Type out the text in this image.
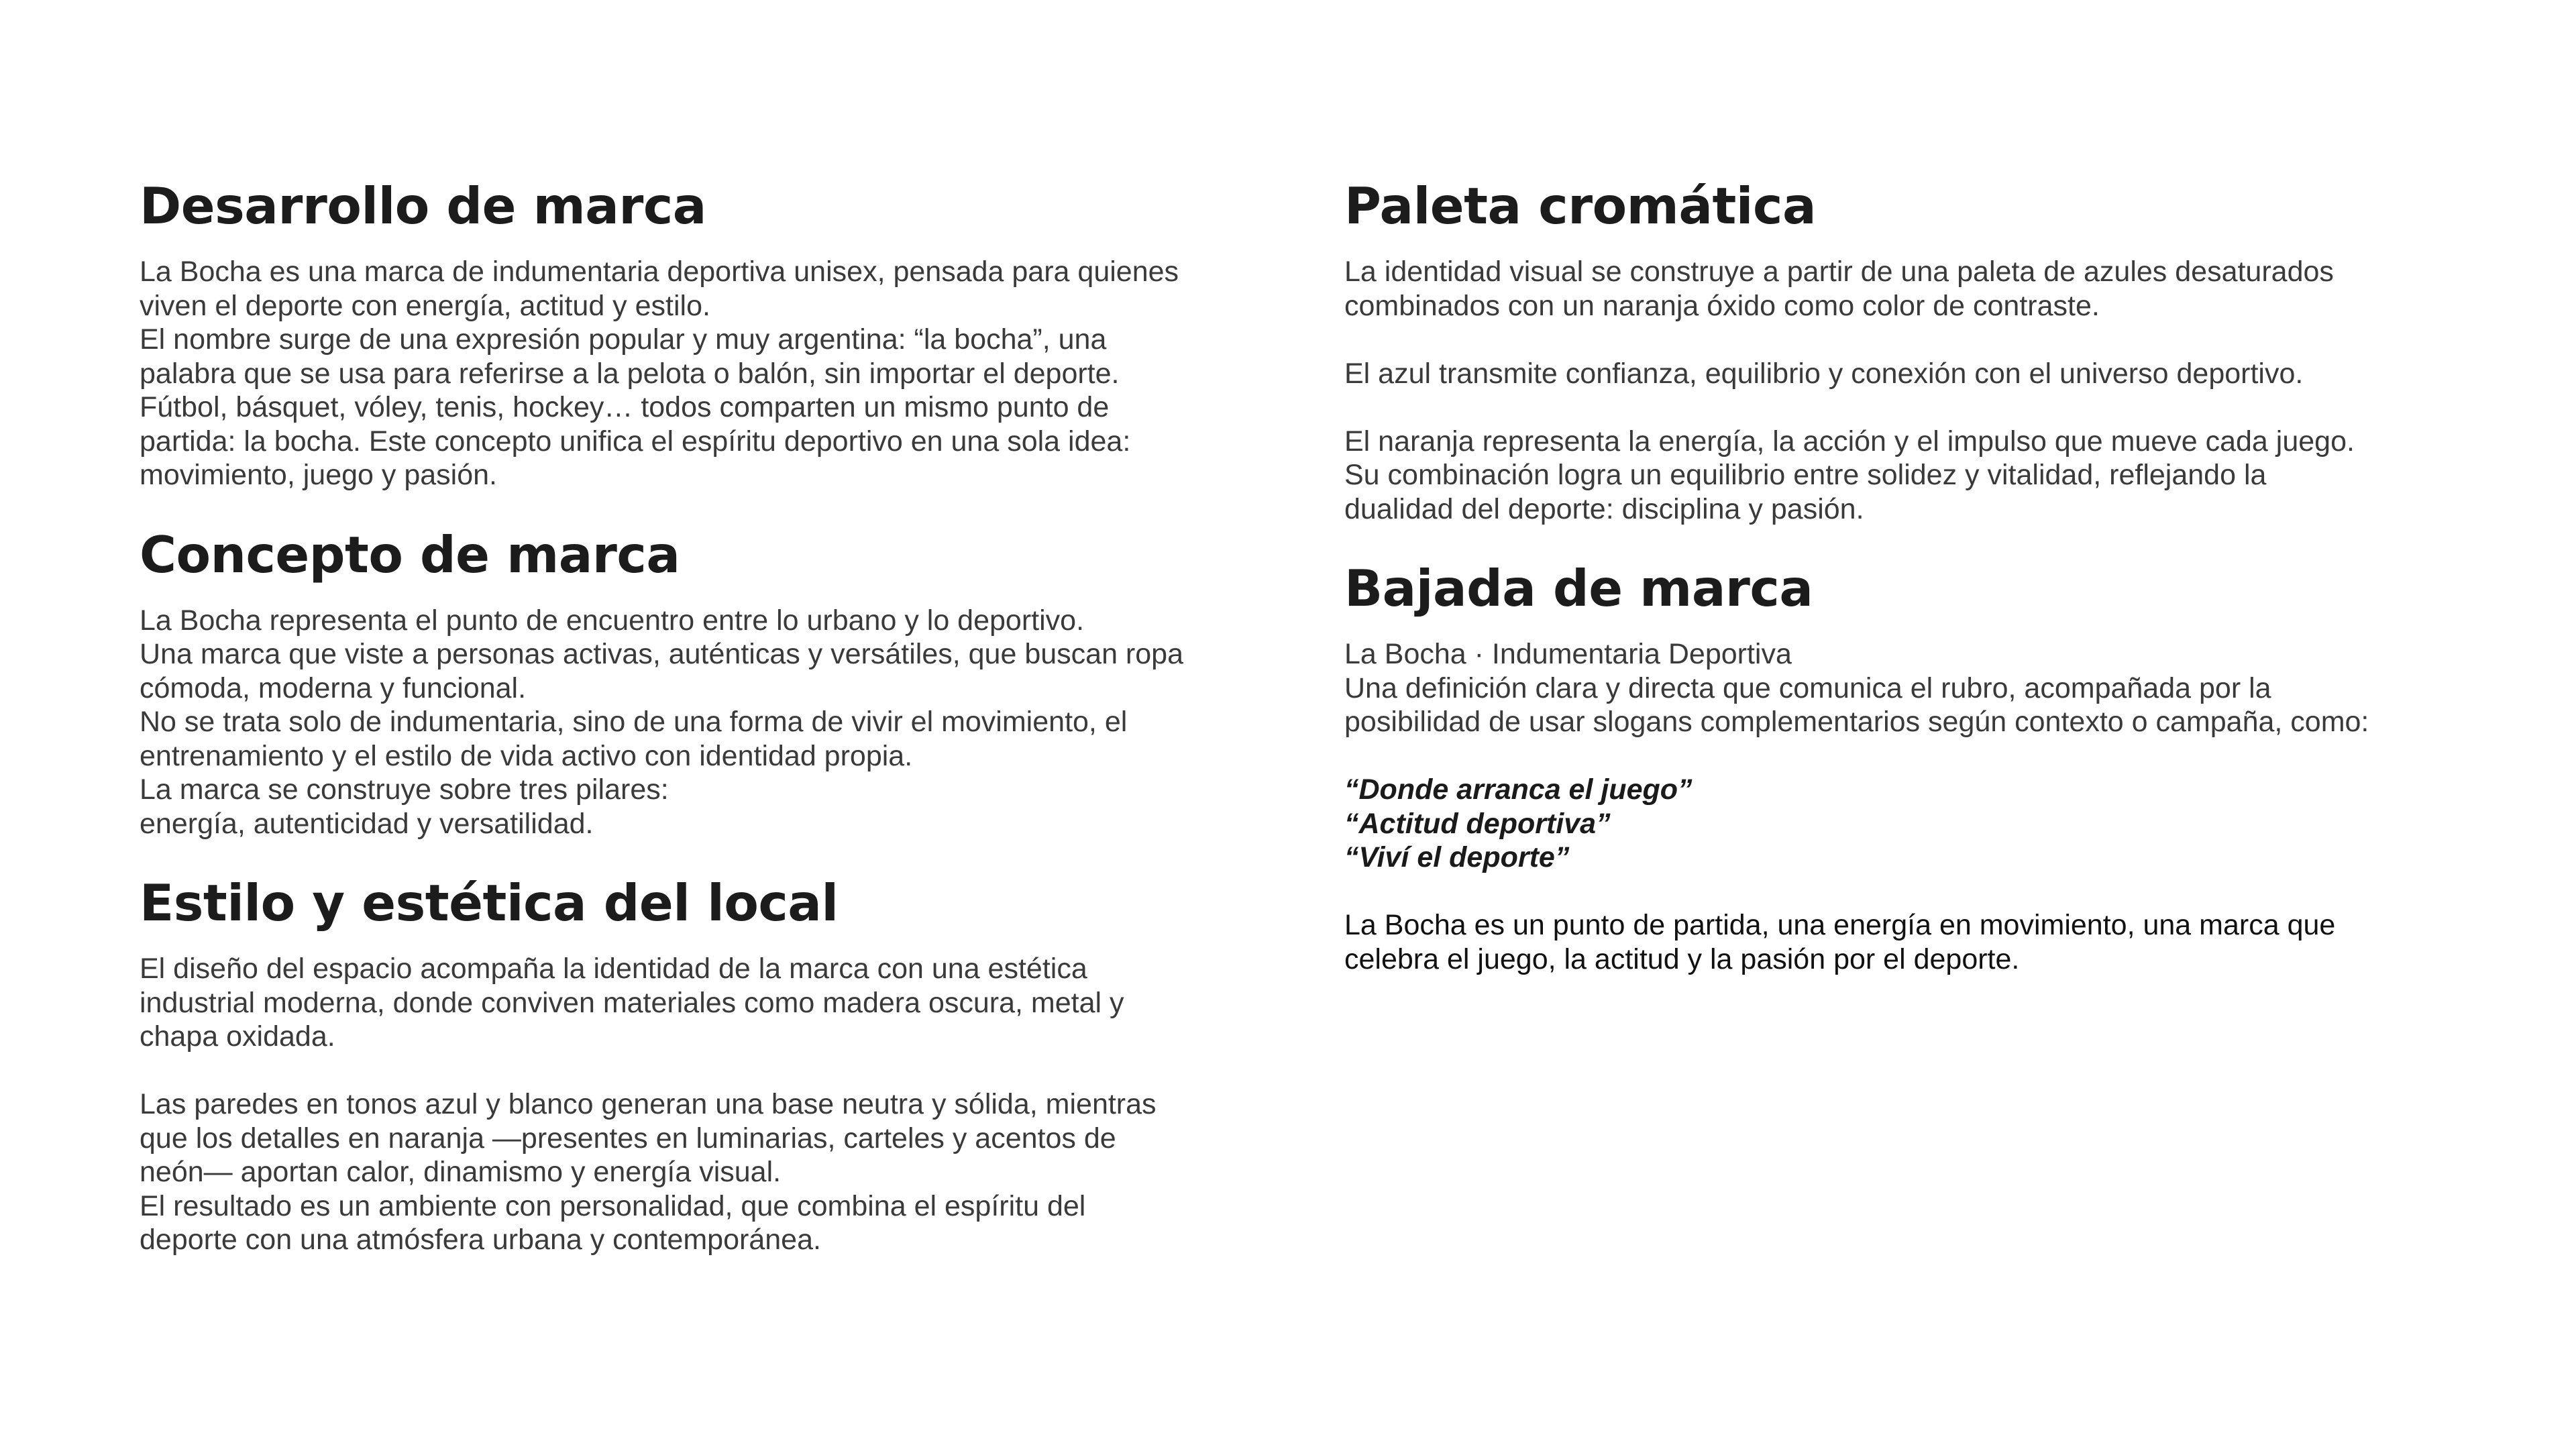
Desarrollo de marca
La Bocha es una marca de indumentaria deportiva unisex, pensada para quienes
viven el deporte con energía, actitud y estilo.
El nombre surge de una expresión popular y muy argentina: “la bocha”, una
palabra que se usa para referirse a la pelota o balón, sin importar el deporte.
Fútbol, básquet, vóley, tenis, hockey… todos comparten un mismo punto de
partida: la bocha. Este concepto unifica el espíritu deportivo en una sola idea:
movimiento, juego y pasión.
Concepto de marca
La Bocha representa el punto de encuentro entre lo urbano y lo deportivo.
Una marca que viste a personas activas, auténticas y versátiles, que buscan ropa
cómoda, moderna y funcional.
No se trata solo de indumentaria, sino de una forma de vivir el movimiento, el
entrenamiento y el estilo de vida activo con identidad propia.
La marca se construye sobre tres pilares:
energía, autenticidad y versatilidad.
Estilo y estética del local
El diseño del espacio acompaña la identidad de la marca con una estética
industrial moderna, donde conviven materiales como madera oscura, metal y
chapa oxidada.
Las paredes en tonos azul y blanco generan una base neutra y sólida, mientras
que los detalles en naranja —presentes en luminarias, carteles y acentos de
neón— aportan calor, dinamismo y energía visual.
El resultado es un ambiente con personalidad, que combina el espíritu del
deporte con una atmósfera urbana y contemporánea.
Paleta cromática
La identidad visual se construye a partir de una paleta de azules desaturados
combinados con un naranja óxido como color de contraste.
El azul transmite confianza, equilibrio y conexión con el universo deportivo.
El naranja representa la energía, la acción y el impulso que mueve cada juego.
Su combinación logra un equilibrio entre solidez y vitalidad, reflejando la
dualidad del deporte: disciplina y pasión.
Bajada de marca
La Bocha · Indumentaria Deportiva
Una definición clara y directa que comunica el rubro, acompañada por la
posibilidad de usar slogans complementarios según contexto o campaña, como:
“Donde arranca el juego”
“Actitud deportiva”
“Viví el deporte”
La Bocha es un punto de partida, una energía en movimiento, una marca que
celebra el juego, la actitud y la pasión por el deporte.
